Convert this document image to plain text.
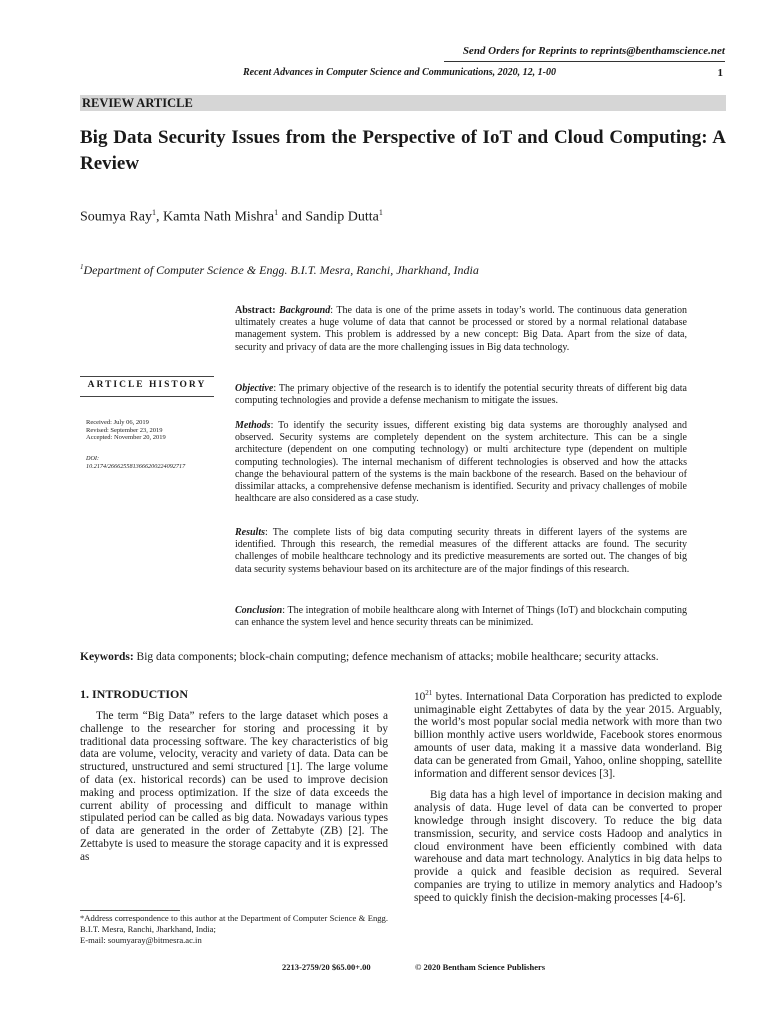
Send Orders for Reprints to reprints@benthamscience.net
Recent Advances in Computer Science and Communications, 2020, 12, 1-00	1
REVIEW ARTICLE
Big Data Security Issues from the Perspective of IoT and Cloud Computing: A Review
Soumya Ray$^1$, Kamta Nath Mishra$^1$ and Sandip Dutta$^1$
$^1$Department of Computer Science & Engg. B.I.T. Mesra, Ranchi, Jharkhand, India
ARTICLE HISTORY
Received: July 06, 2019
Revised: September 23, 2019
Accepted: November 20, 2019
DOI:
10.2174/2666255813666200224092717
Abstract: Background: The data is one of the prime assets in today’s world. The continuous data generation ultimately creates a huge volume of data that cannot be processed or stored by a normal relational database management system. This problem is addressed by a new concept: Big Data. Apart from the size of data, security and privacy of data are the more challenging issues in Big data technology.
Objective: The primary objective of the research is to identify the potential security threats of different big data computing technologies and provide a defense mechanism to mitigate the issues.
Methods: To identify the security issues, different existing big data systems are thoroughly analysed and observed. Security systems are completely dependent on the system architecture. This can be a single architecture (dependent on one computing technology) or multi architecture type (dependent on multiple computing technologies). The internal mechanism of different technologies is observed and how the attacks change the behavioural pattern of the systems is the main backbone of the research. Based on the behaviour of dissimilar attacks, a comprehensive defense mechanism is identified. Security and privacy challenges of mobile healthcare are also considered as a case study.
Results: The complete lists of big data computing security threats in different layers of the systems are identified. Through this research, the remedial measures of the different attacks are found. The security challenges of mobile healthcare technology and its predictive measurements are sorted out. The changes of big data security systems behaviour based on its architecture are of the major findings of this research.
Conclusion: The integration of mobile healthcare along with Internet of Things (IoT) and blockchain computing can enhance the system level and hence security threats can be minimized.
Keywords: Big data components; block-chain computing; defence mechanism of attacks; mobile healthcare; security attacks.
1. INTRODUCTION

The term “Big Data” refers to the large dataset which poses a challenge to the researcher for storing and processing it by traditional data processing software. The key characteristics of big data are volume, velocity, veracity and variety of data. Data can be structured, unstructured and semi structured [1]. The large volume of data (ex. historical records) can be used to improve decision making and process optimization. If the size of data exceeds the current ability of processing and difficult to manage within stipulated period can be called as big data. Nowadays various types of data are generated in the order of Zettabyte (ZB) [2]. The Zettabyte is used to measure the storage capacity and it is expressed as

$10^{21}$ bytes. International Data Corporation has predicted to explode unimaginable eight Zettabytes of data by the year 2015. Arguably, the world’s most popular social media network with more than two billion monthly active users worldwide, Facebook stores enormous amounts of user data, making it a massive data wonderland. Big data can be generated from Gmail, Yahoo, online shopping, satellite information and different sensor devices [3].

Big data has a high level of importance in decision making and analysis of data. Huge level of data can be converted to proper knowledge through insight discovery. To reduce the big data transmission, security, and service costs Hadoop and analytics in cloud environment have been efficiently combined with data warehouse and data mart technology. Analytics in big data helps to provide a quick and feasible decision as required. Several companies are trying to utilize in memory analytics and Hadoop’s speed to quickly finish the decision-making processes [4-6].

*Address correspondence to this author at the Department of Computer Science & Engg. B.I.T. Mesra, Ranchi, Jharkhand, India;
E-mail: soumyaray@bitmesra.ac.in
2213-2759/20 $65.00+.00	© 2020 Bentham Science Publishers
